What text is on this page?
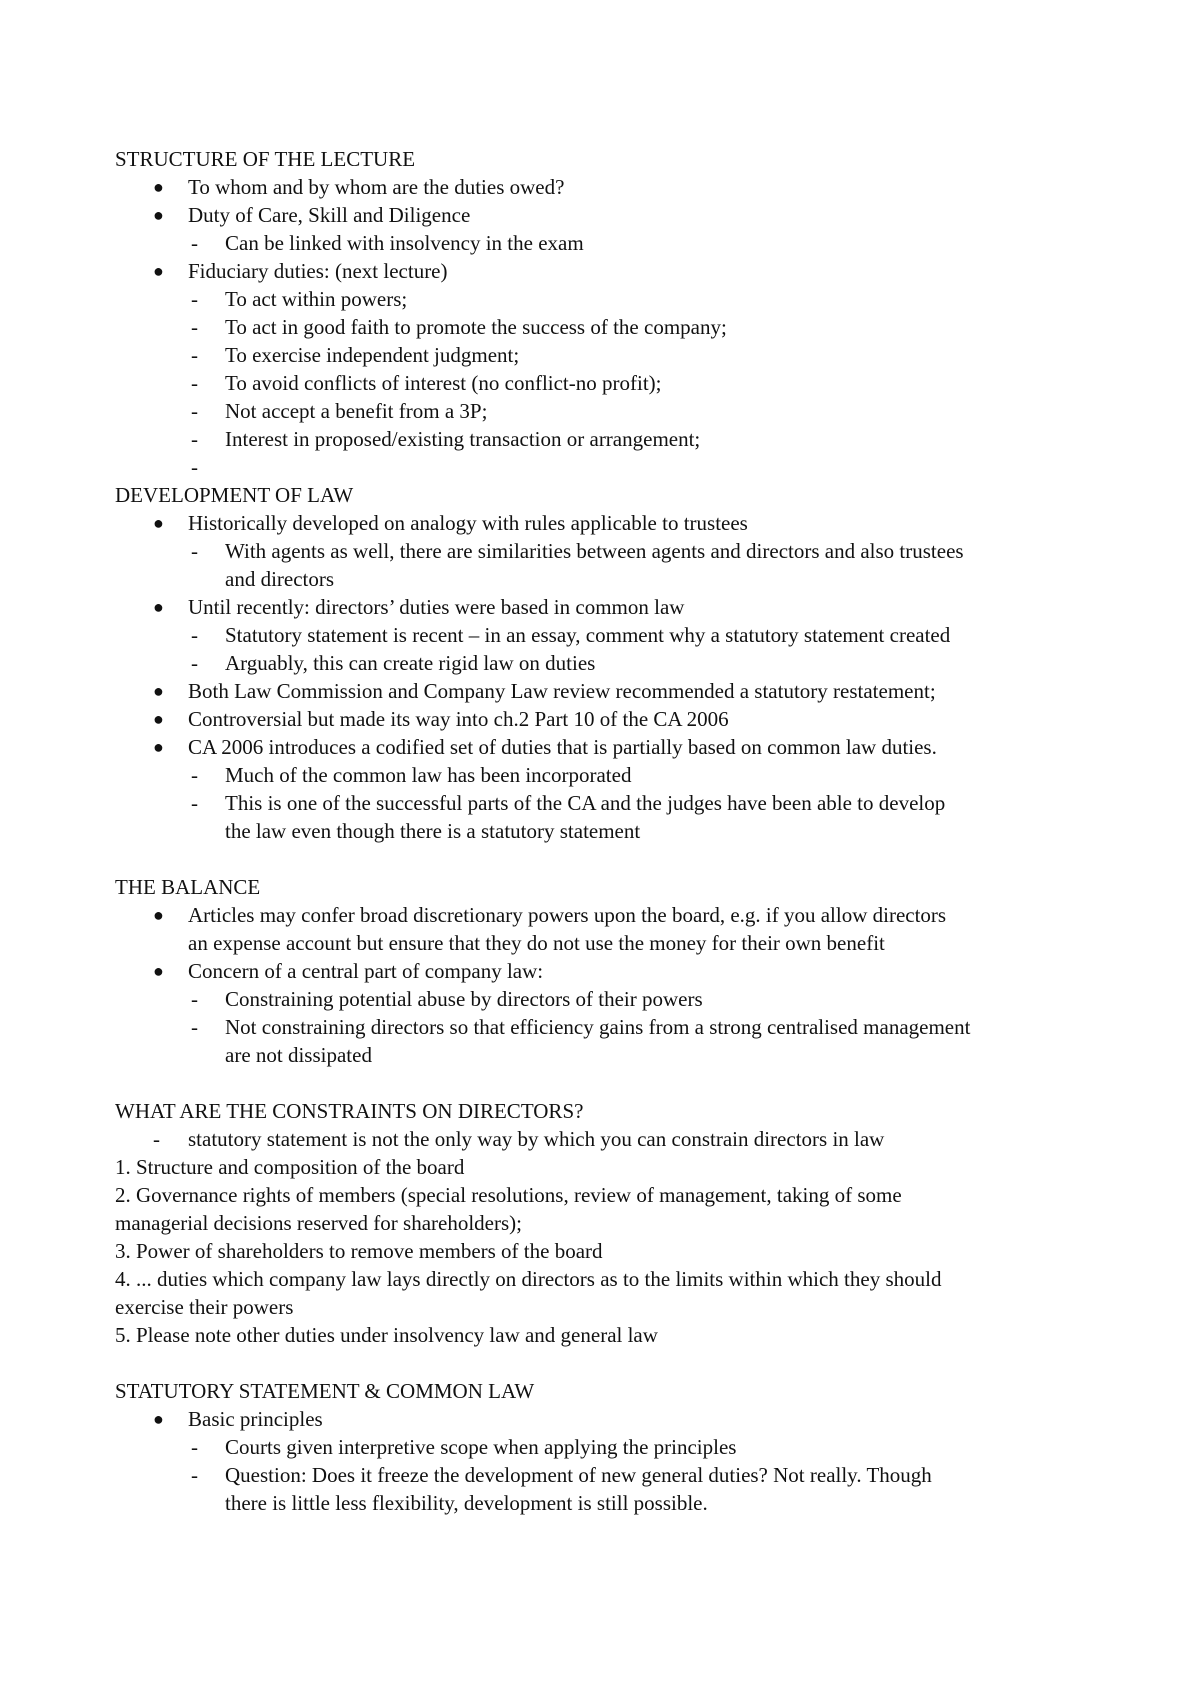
STRUCTURE OF THE LECTURE
● To whom and by whom are the duties owed?
● Duty of Care, Skill and Diligence
- Can be linked with insolvency in the exam
● Fiduciary duties: (next lecture)
- To act within powers;
- To act in good faith to promote the success of the company;
- To exercise independent judgment;
- To avoid conflicts of interest (no conflict-no profit);
- Not accept a benefit from a 3P;
- Interest in proposed/existing transaction or arrangement;
-
DEVELOPMENT OF LAW
● Historically developed on analogy with rules applicable to trustees
- With agents as well, there are similarities between agents and directors and also trustees
and directors
● Until recently: directors’ duties were based in common law
- Statutory statement is recent – in an essay, comment why a statutory statement created
- Arguably, this can create rigid law on duties
● Both Law Commission and Company Law review recommended a statutory restatement;
● Controversial but made its way into ch.2 Part 10 of the CA 2006
● CA 2006 introduces a codified set of duties that is partially based on common law duties.
- Much of the common law has been incorporated
- This is one of the successful parts of the CA and the judges have been able to develop
the law even though there is a statutory statement
THE BALANCE
● Articles may confer broad discretionary powers upon the board, e.g. if you allow directors
an expense account but ensure that they do not use the money for their own benefit
● Concern of a central part of company law:
- Constraining potential abuse by directors of their powers
- Not constraining directors so that efficiency gains from a strong centralised management
are not dissipated
WHAT ARE THE CONSTRAINTS ON DIRECTORS?
- statutory statement is not the only way by which you can constrain directors in law
1. Structure and composition of the board
2. Governance rights of members (special resolutions, review of management, taking of some
managerial decisions reserved for shareholders);
3. Power of shareholders to remove members of the board
4. ... duties which company law lays directly on directors as to the limits within which they should
exercise their powers
5. Please note other duties under insolvency law and general law
STATUTORY STATEMENT & COMMON LAW
● Basic principles
- Courts given interpretive scope when applying the principles
- Question: Does it freeze the development of new general duties? Not really. Though
there is little less flexibility, development is still possible.
